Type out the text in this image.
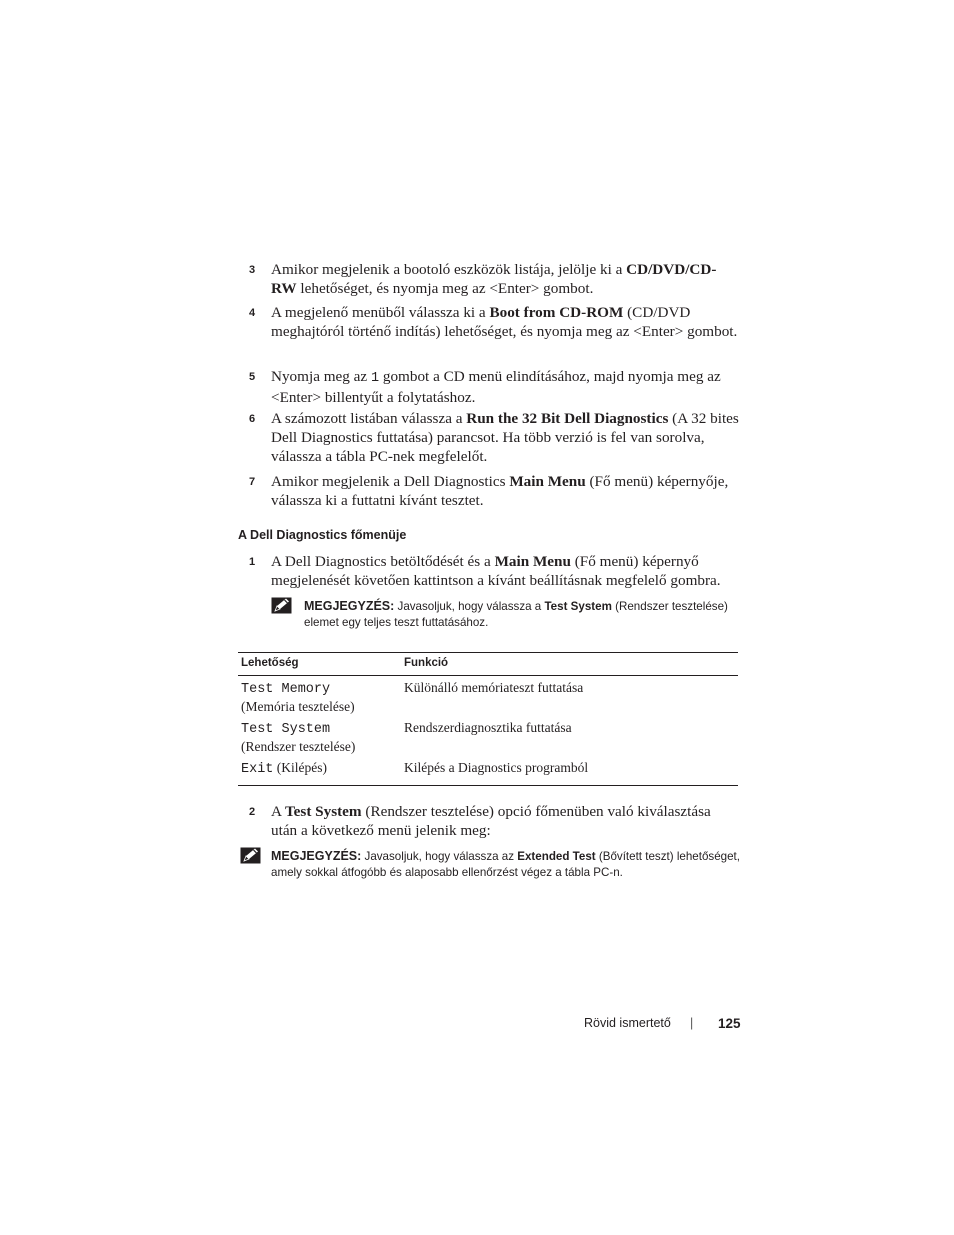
3 Amikor megjelenik a bootoló eszközök listája, jelölje ki a CD/DVD/CD-RW lehetőséget, és nyomja meg az <Enter> gombot.
4 A megjelenő menüből válassza ki a Boot from CD-ROM (CD/DVD meghajtóról történő indítás) lehetőséget, és nyomja meg az <Enter> gombot.
5 Nyomja meg az 1 gombot a CD menü elindításához, majd nyomja meg az <Enter> billentyűt a folytatáshoz.
6 A számozott listában válassza a Run the 32 Bit Dell Diagnostics (A 32 bites Dell Diagnostics futtatása) parancsot. Ha több verzió is fel van sorolva, válassza a tábla PC-nek megfelelőt.
7 Amikor megjelenik a Dell Diagnostics Main Menu (Fő menü) képernyője, válassza ki a futtatni kívánt tesztet.
A Dell Diagnostics főmenüje
1 A Dell Diagnostics betöltődését és a Main Menu (Fő menü) képernyő megjelenését követően kattintson a kívánt beállításnak megfelelő gombra.
MEGJEGYZÉS: Javasoljuk, hogy válassza a Test System (Rendszer tesztelése) elemet egy teljes teszt futtatásához.
Lehetőség	Funkció
Test Memory
(Memória tesztelése)	Különálló memóriateszt futtatása
Test System
(Rendszer tesztelése)	Rendszerdiagnosztika futtatása
Exit (Kilépés)	Kilépés a Diagnostics programból
2 A Test System (Rendszer tesztelése) opció főmenüben való kiválasztása után a következő menü jelenik meg:
MEGJEGYZÉS: Javasoljuk, hogy válassza az Extended Test (Bővített teszt) lehetőséget, amely sokkal átfogóbb és alaposabb ellenőrzést végez a tábla PC-n.
Rövid ismertető | 125
